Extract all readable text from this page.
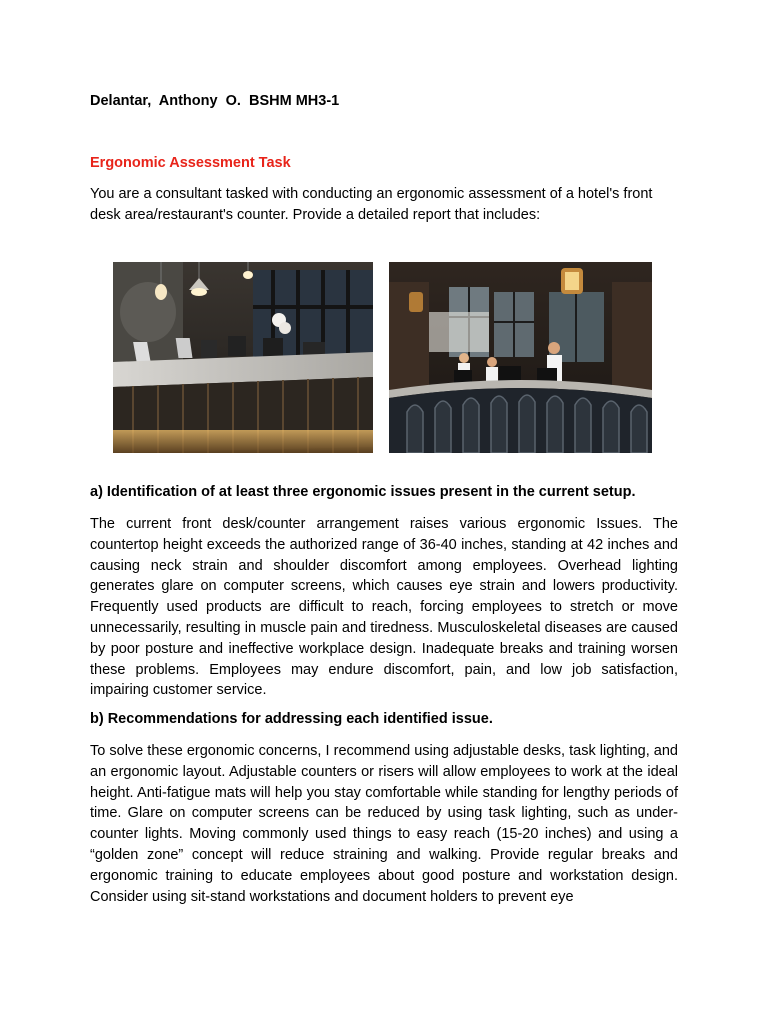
Delantar,  Anthony  O.  BSHM MH3-1
Ergonomic Assessment Task

You are a consultant tasked with conducting an ergonomic assessment of a hotel's front desk area/restaurant's counter. Provide a detailed report that includes:

a) Identification of at least three ergonomic issues present in the current setup.

The current front desk/counter arrangement raises various ergonomic Issues. The countertop height exceeds the authorized range of 36-40 inches, standing at 42 inches and causing neck strain and shoulder discomfort among employees. Overhead lighting generates glare on computer screens, which causes eye strain and lowers productivity. Frequently used products are difficult to reach, forcing employees to stretch or move unnecessarily, resulting in muscle pain and tiredness. Musculoskeletal diseases are caused by poor posture and ineffective workplace design. Inadequate breaks and training worsen these problems. Employees may endure discomfort, pain, and low job satisfaction, impairing customer service.

b) Recommendations for addressing each identified issue.

To solve these ergonomic concerns, I recommend using adjustable desks, task lighting, and an ergonomic layout. Adjustable counters or risers will allow employees to work at the ideal height. Anti-fatigue mats will help you stay comfortable while standing for lengthy periods of time. Glare on computer screens can be reduced by using task lighting, such as under-counter lights. Moving commonly used things to easy reach (15-20 inches) and using a “golden zone” concept will reduce straining and walking. Provide regular breaks and ergonomic training to educate employees about good posture and workstation design. Consider using sit-stand workstations and document holders to prevent eye
